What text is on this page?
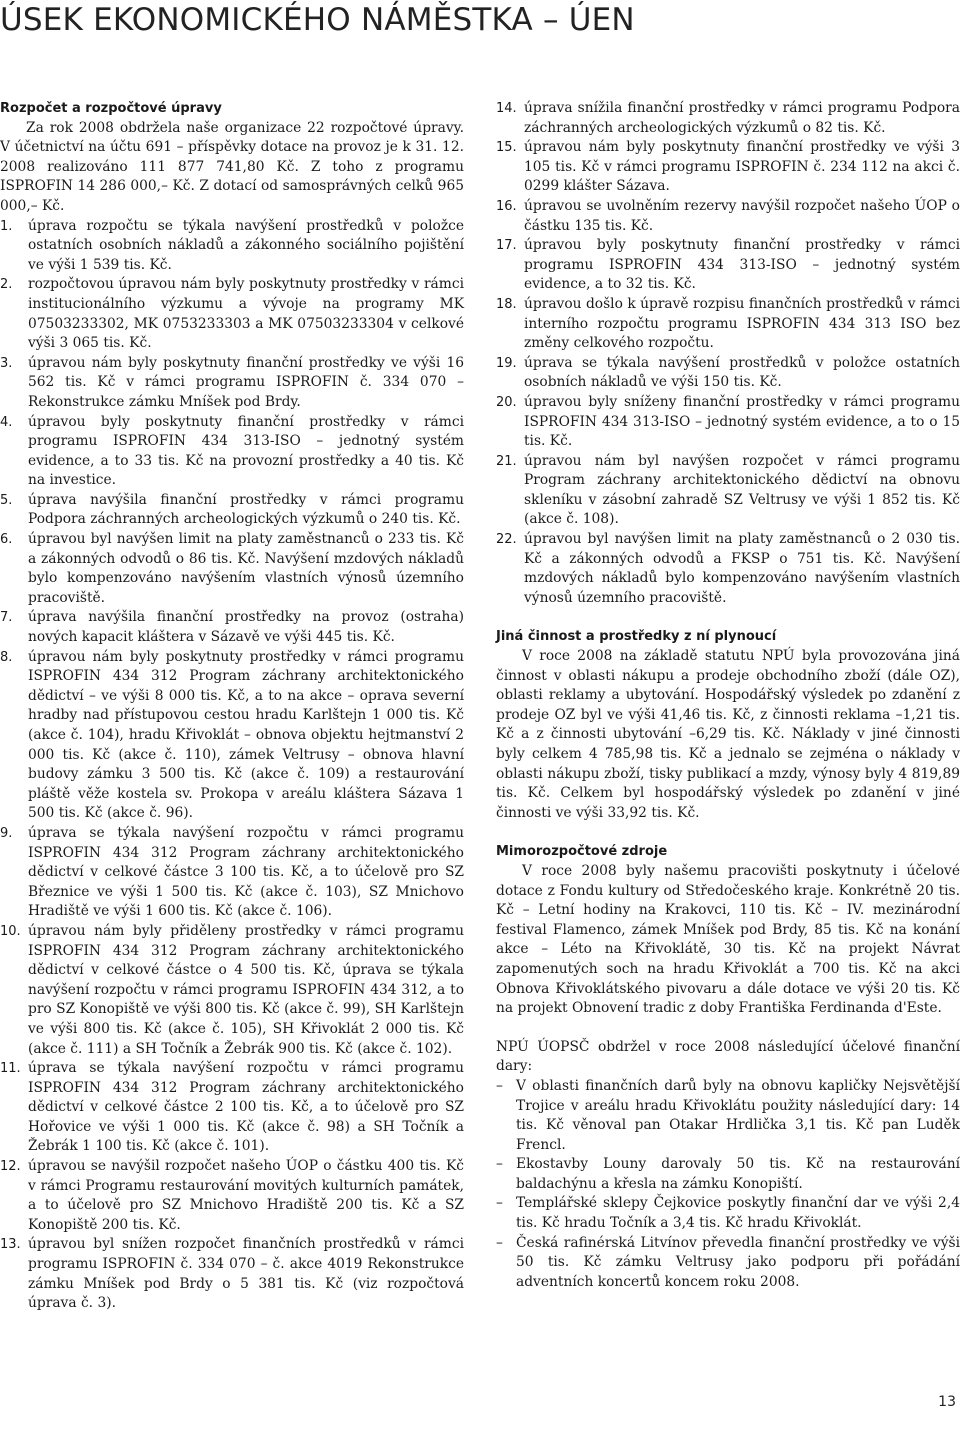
ÚSEK EKONOMICKÉHO NÁMĚSTKA – ÚEN

Rozpočet a rozpočtové úpravy

Za rok 2008 obdržela naše organizace 22 rozpočtové úpravy. V účetnictví na účtu 691 – příspěvky dotace na provoz je k 31. 12. 2008 realizováno 111 877 741,80 Kč. Z toho z programu ISPROFIN 14 286 000,– Kč. Z dotací od samosprávných celků 965 000,– Kč.

1. úprava rozpočtu se týkala navýšení prostředků v položce ostatních osobních nákladů a zákonného sociálního pojištění ve výši 1 539 tis. Kč.
2. rozpočtovou úpravou nám byly poskytnuty prostředky v rámci institucionálního výzkumu a vývoje na programy MK 07503233302, MK 0753233303 a MK 07503233304 v celkové výši 3 065 tis. Kč.
3. úpravou nám byly poskytnuty finanční prostředky ve výši 16 562 tis. Kč v rámci programu ISPROFIN č. 334 070 – Rekonstrukce zámku Mníšek pod Brdy.
4. úpravou byly poskytnuty finanční prostředky v rámci programu ISPROFIN 434 313-ISO – jednotný systém evidence, a to 33 tis. Kč na provozní prostředky a 40 tis. Kč na investice.
5. úprava navýšila finanční prostředky v rámci programu Podpora záchranných archeologických výzkumů o 240 tis. Kč.
6. úpravou byl navýšen limit na platy zaměstnanců o 233 tis. Kč a zákonných odvodů o 86 tis. Kč. Navýšení mzdových nákladů bylo kompenzováno navýšením vlastních výnosů územního pracoviště.
7. úprava navýšila finanční prostředky na provoz (ostraha) nových kapacit kláštera v Sázavě ve výši 445 tis. Kč.
8. úpravou nám byly poskytnuty prostředky v rámci programu ISPROFIN 434 312 Program záchrany architektonického dědictví – ve výši 8 000 tis. Kč, a to na akce – oprava severní hradby nad přístupovou cestou hradu Karlštejn 1 000 tis. Kč (akce č. 104), hradu Křivoklát – obnova objektu hejtmanství 2 000 tis. Kč (akce č. 110), zámek Veltrusy – obnova hlavní budovy zámku 3 500 tis. Kč (akce č. 109) a restaurování pláště věže kostela sv. Prokopa v areálu kláštera Sázava 1 500 tis. Kč (akce č. 96).
9. úprava se týkala navýšení rozpočtu v rámci programu ISPROFIN 434 312 Program záchrany architektonického dědictví v celkové částce 3 100 tis. Kč, a to účelově pro SZ Březnice ve výši 1 500 tis. Kč (akce č. 103), SZ Mnichovo Hradiště ve výši 1 600 tis. Kč (akce č. 106).
10. úpravou nám byly přiděleny prostředky v rámci programu ISPROFIN 434 312 Program záchrany architektonického dědictví v celkové částce o 4 500 tis. Kč, úprava se týkala navýšení rozpočtu v rámci programu ISPROFIN 434 312, a to pro SZ Konopiště ve výši 800 tis. Kč (akce č. 99), SH Karlštejn ve výši 800 tis. Kč (akce č. 105), SH Křivoklát 2 000 tis. Kč (akce č. 111) a SH Točník a Žebrák 900 tis. Kč (akce č. 102).
11. úprava se týkala navýšení rozpočtu v rámci programu ISPROFIN 434 312 Program záchrany architektonického dědictví v celkové částce 2 100 tis. Kč, a to účelově pro SZ Hořovice ve výši 1 000 tis. Kč (akce č. 98) a SH Točník a Žebrák 1 100 tis. Kč (akce č. 101).
12. úpravou se navýšil rozpočet našeho ÚOP o částku 400 tis. Kč v rámci Programu restaurování movitých kulturních památek, a to účelově pro SZ Mnichovo Hradiště 200 tis. Kč a SZ Konopiště 200 tis. Kč.
13. úpravou byl snížen rozpočet finančních prostředků v rámci programu ISPROFIN č. 334 070 – č. akce 4019 Rekonstrukce zámku Mníšek pod Brdy o 5 381 tis. Kč (viz rozpočtová úprava č. 3).
14. úprava snížila finanční prostředky v rámci programu Podpora záchranných archeologických výzkumů o 82 tis. Kč.
15. úpravou nám byly poskytnuty finanční prostředky ve výši 3 105 tis. Kč v rámci programu ISPROFIN č. 234 112 na akci č. 0299 klášter Sázava.
16. úpravou se uvolněním rezervy navýšil rozpočet našeho ÚOP o částku 135 tis. Kč.
17. úpravou byly poskytnuty finanční prostředky v rámci programu ISPROFIN 434 313-ISO – jednotný systém evidence, a to 32 tis. Kč.
18. úpravou došlo k úpravě rozpisu finančních prostředků v rámci interního rozpočtu programu ISPROFIN 434 313 ISO bez změny celkového rozpočtu.
19. úprava se týkala navýšení prostředků v položce ostatních osobních nákladů ve výši 150 tis. Kč.
20. úpravou byly sníženy finanční prostředky v rámci programu ISPROFIN 434 313-ISO – jednotný systém evidence, a to o 15 tis. Kč.
21. úpravou nám byl navýšen rozpočet v rámci programu Program záchrany architektonického dědictví na obnovu skleníku v zásobní zahradě SZ Veltrusy ve výši 1 852 tis. Kč (akce č. 108).
22. úpravou byl navýšen limit na platy zaměstnanců o 2 030 tis. Kč a zákonných odvodů a FKSP o 751 tis. Kč. Navýšení mzdových nákladů bylo kompenzováno navýšením vlastních výnosů územního pracoviště.

Jiná činnost a prostředky z ní plynoucí

V roce 2008 na základě statutu NPÚ byla provozována jiná činnost v oblasti nákupu a prodeje obchodního zboží (dále OZ), oblasti reklamy a ubytování. Hospodářský výsledek po zdanění z prodeje OZ byl ve výši 41,46 tis. Kč, z činnosti reklama –1,21 tis. Kč a z činnosti ubytování –6,29 tis. Kč. Náklady v jiné činnosti byly celkem 4 785,98 tis. Kč a jednalo se zejména o náklady v oblasti nákupu zboží, tisky publikací a mzdy, výnosy byly 4 819,89 tis. Kč. Celkem byl hospodářský výsledek po zdanění v jiné činnosti ve výši 33,92 tis. Kč.

Mimorozpočtové zdroje

V roce 2008 byly našemu pracovišti poskytnuty i účelové dotace z Fondu kultury od Středočeského kraje. Konkrétně 20 tis. Kč – Letní hodiny na Krakovci, 110 tis. Kč – IV. mezinárodní festival Flamenco, zámek Mníšek pod Brdy, 85 tis. Kč na konání akce – Léto na Křivoklátě, 30 tis. Kč na projekt Návrat zapomenutých soch na hradu Křivoklát a 700 tis. Kč na akci Obnova Křivoklátského pivovaru a dále dotace ve výši 20 tis. Kč na projekt Obnovení tradic z doby Františka Ferdinanda d'Este.

NPÚ ÚOPSČ obdržel v roce 2008 následující účelové finanční dary:

– V oblasti finančních darů byly na obnovu kapličky Nejsvětější Trojice v areálu hradu Křivoklátu použity následující dary: 14 tis. Kč věnoval pan Otakar Hrdlička 3,1 tis. Kč pan Luděk Frencl.
– Ekostavby Louny darovaly 50 tis. Kč na restaurování baldachýnu a křesla na zámku Konopiští.
– Templářské sklepy Čejkovice poskytly finanční dar ve výši 2,4 tis. Kč hradu Točník a 3,4 tis. Kč hradu Křivoklát.
– Česká rafinérská Litvínov převedla finanční prostředky ve výši 50 tis. Kč zámku Veltrusy jako podporu při pořádání adventních koncertů koncem roku 2008.
13
